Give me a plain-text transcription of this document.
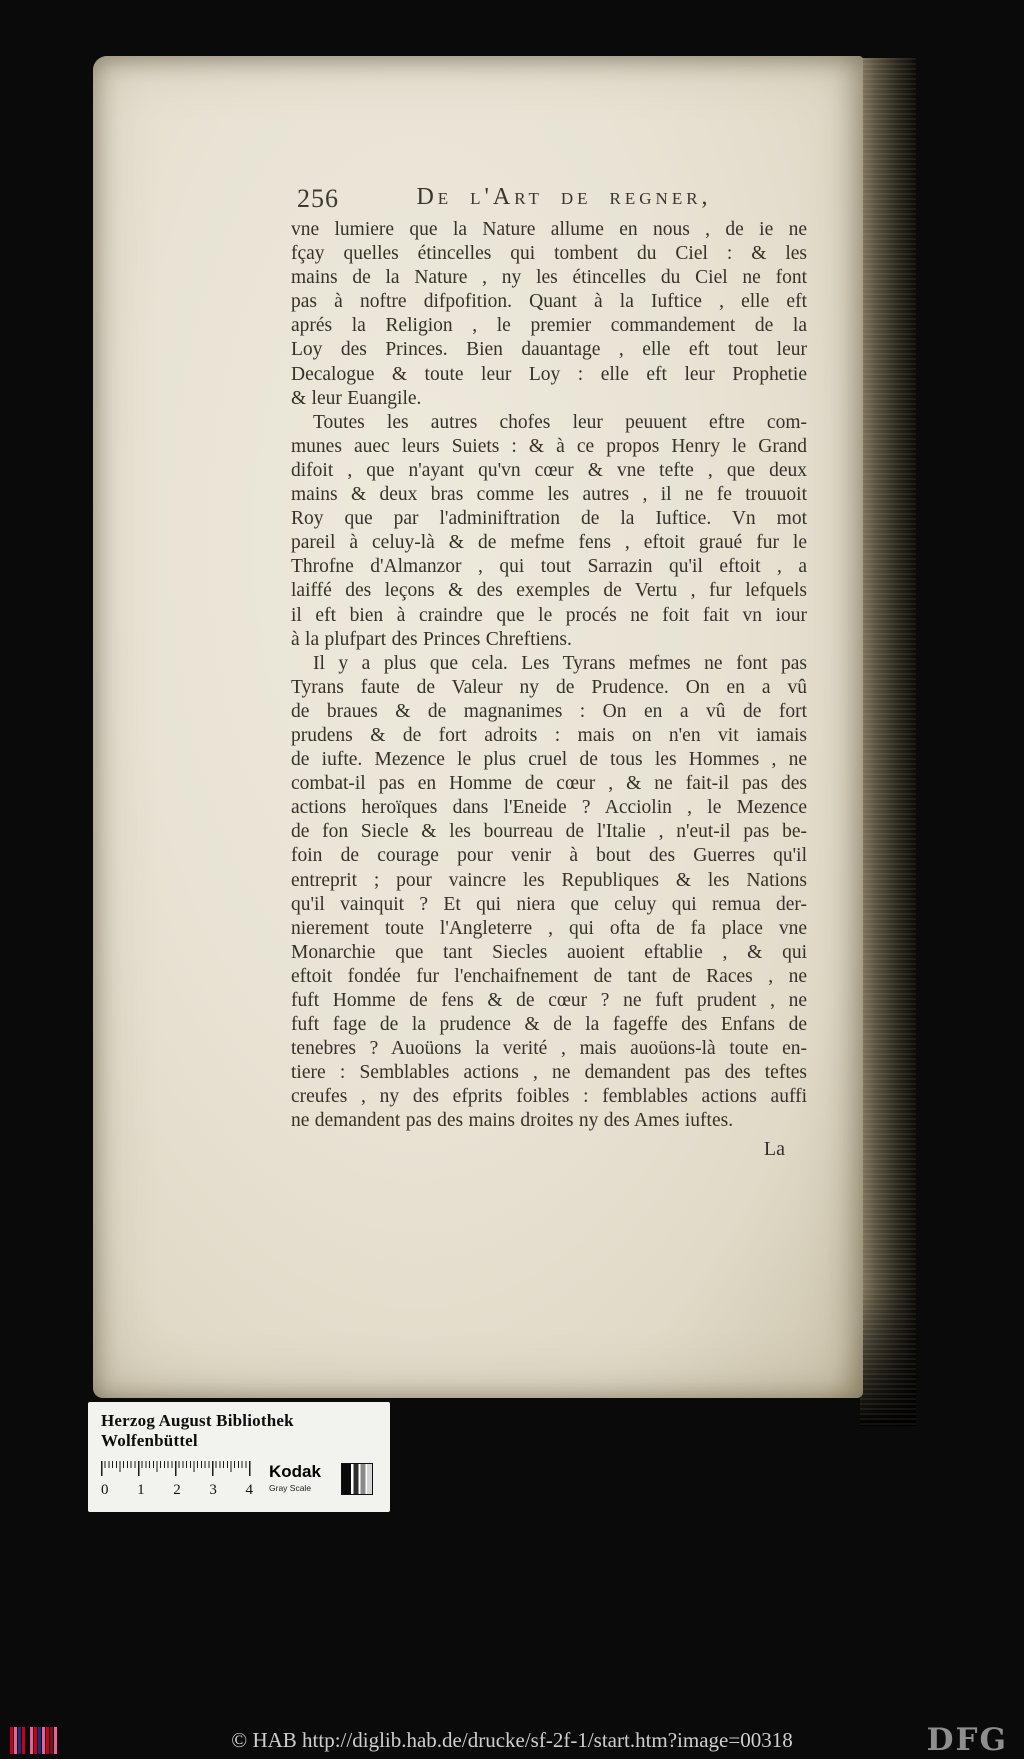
256	De l'Art de regner,
vne lumiere que la Nature allume en nous , de ie ne
fçay quelles étincelles qui tombent du Ciel : & les
mains de la Nature , ny les étincelles du Ciel ne font
pas à noftre difpofition. Quant à la Iuftice , elle eft
aprés la Religion , le premier commandement de la
Loy des Princes. Bien dauantage , elle eft tout leur
Decalogue & toute leur Loy : elle eft leur Prophetie
& leur Euangile.
Toutes les autres chofes leur peuuent eftre com-
munes auec leurs Suiets : & à ce propos Henry le Grand
difoit , que n'ayant qu'vn cœur & vne tefte , que deux
mains & deux bras comme les autres , il ne fe trouuoit
Roy que par l'adminiftration de la Iuftice. Vn mot
pareil à celuy-là & de mefme fens , eftoit graué fur le
Throfne d'Almanzor , qui tout Sarrazin qu'il eftoit , a
laiffé des leçons & des exemples de Vertu , fur lefquels
il eft bien à craindre que le procés ne foit fait vn iour
à la plufpart des Princes Chreftiens.
Il y a plus que cela. Les Tyrans mefmes ne font pas
Tyrans faute de Valeur ny de Prudence. On en a vû
de braues & de magnanimes : On en a vû de fort
prudens & de fort adroits : mais on n'en vit iamais
de iufte. Mezence le plus cruel de tous les Hommes , ne
combat-il pas en Homme de cœur , & ne fait-il pas des
actions heroïques dans l'Eneide ? Acciolin , le Mezence
de fon Siecle & les bourreau de l'Italie , n'eut-il pas be-
foin de courage pour venir à bout des Guerres qu'il
entreprit ; pour vaincre les Republiques & les Nations
qu'il vainquit ? Et qui niera que celuy qui remua der-
nierement toute l'Angleterre , qui ofta de fa place vne
Monarchie que tant Siecles auoient eftablie , & qui
eftoit fondée fur l'enchaifnement de tant de Races , ne
fuft Homme de fens & de cœur ? ne fuft prudent , ne
fuft fage de la prudence & de la fageffe des Enfans de
tenebres ? Auoüons la verité , mais auoüons-là toute en-
tiere : Semblables actions , ne demandent pas des teftes
creufes , ny des efprits foibles : femblables actions auffi
ne demandent pas des mains droites ny des Ames iuftes.
La
Herzog August Bibliothek Wolfenbüttel
0 1 2 3 4
Kodak
Gray Scale
© HAB http://diglib.hab.de/drucke/sf-2f-1/start.htm?image=00318	DFG
